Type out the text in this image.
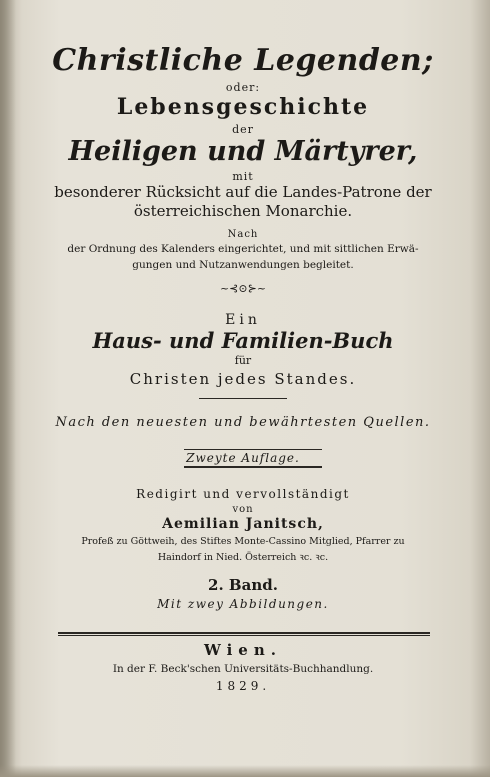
Christliche Legenden;
oder:
Lebensgeschichte
der
Heiligen und Märtyrer,
mit
besonderer Rücksicht auf die Landes-Patrone der
österreichischen Monarchie.
Nach
der Ordnung des Kalenders eingerichtet, und mit sittlichen Erwä-
gungen und Nutzanwendungen begleitet.
~⊰⊙⊱~
Ein
Haus- und Familien-Buch
für
Christen jedes Standes.
Nach den neuesten und bewährtesten Quellen.
Zweyte Auflage.
Redigirt und vervollständigt
von
Aemilian Janitsch,
Profeß zu Göttweih, des Stiftes Monte-Cassino Mitglied, Pfarrer zu
Haindorf in Nied. Österreich ꝛc. ꝛc.
2. Band.
Mit zwey Abbildungen.
Wien.
In der F. Beck'schen Universitäts-Buchhandlung.
1829.
